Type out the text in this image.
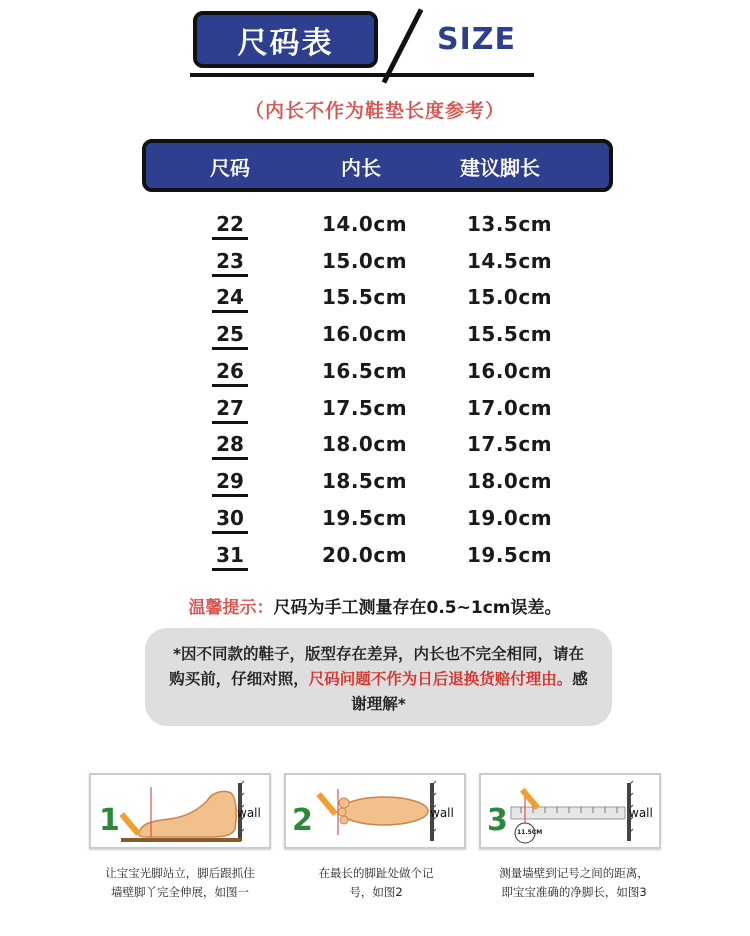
尺码表	SIZE
（内长不作为鞋垫长度参考）
尺码	内长	建议脚长
22	14.0cm	13.5cm
23	15.0cm	14.5cm
24	15.5cm	15.0cm
25	16.0cm	15.5cm
26	16.5cm	16.0cm
27	17.5cm	17.0cm
28	18.0cm	17.5cm
29	18.5cm	18.0cm
30	19.5cm	19.0cm
31	20.0cm	19.5cm
温馨提示：尺码为手工测量存在0.5~1cm误差。
*因不同款的鞋子，版型存在差异，内长也不完全相同，请在购买前，仔细对照，尺码问题不作为日后退换货赔付理由。感谢理解*
1	wall 2	wall 3	wall
11.5CM
让宝宝光脚站立，脚后跟抓住
墙壁脚丫完全伸展，如图一
在最长的脚趾处做个记
号，如图2
测量墙壁到记号之间的距离，
即宝宝准确的净脚长，如图3
